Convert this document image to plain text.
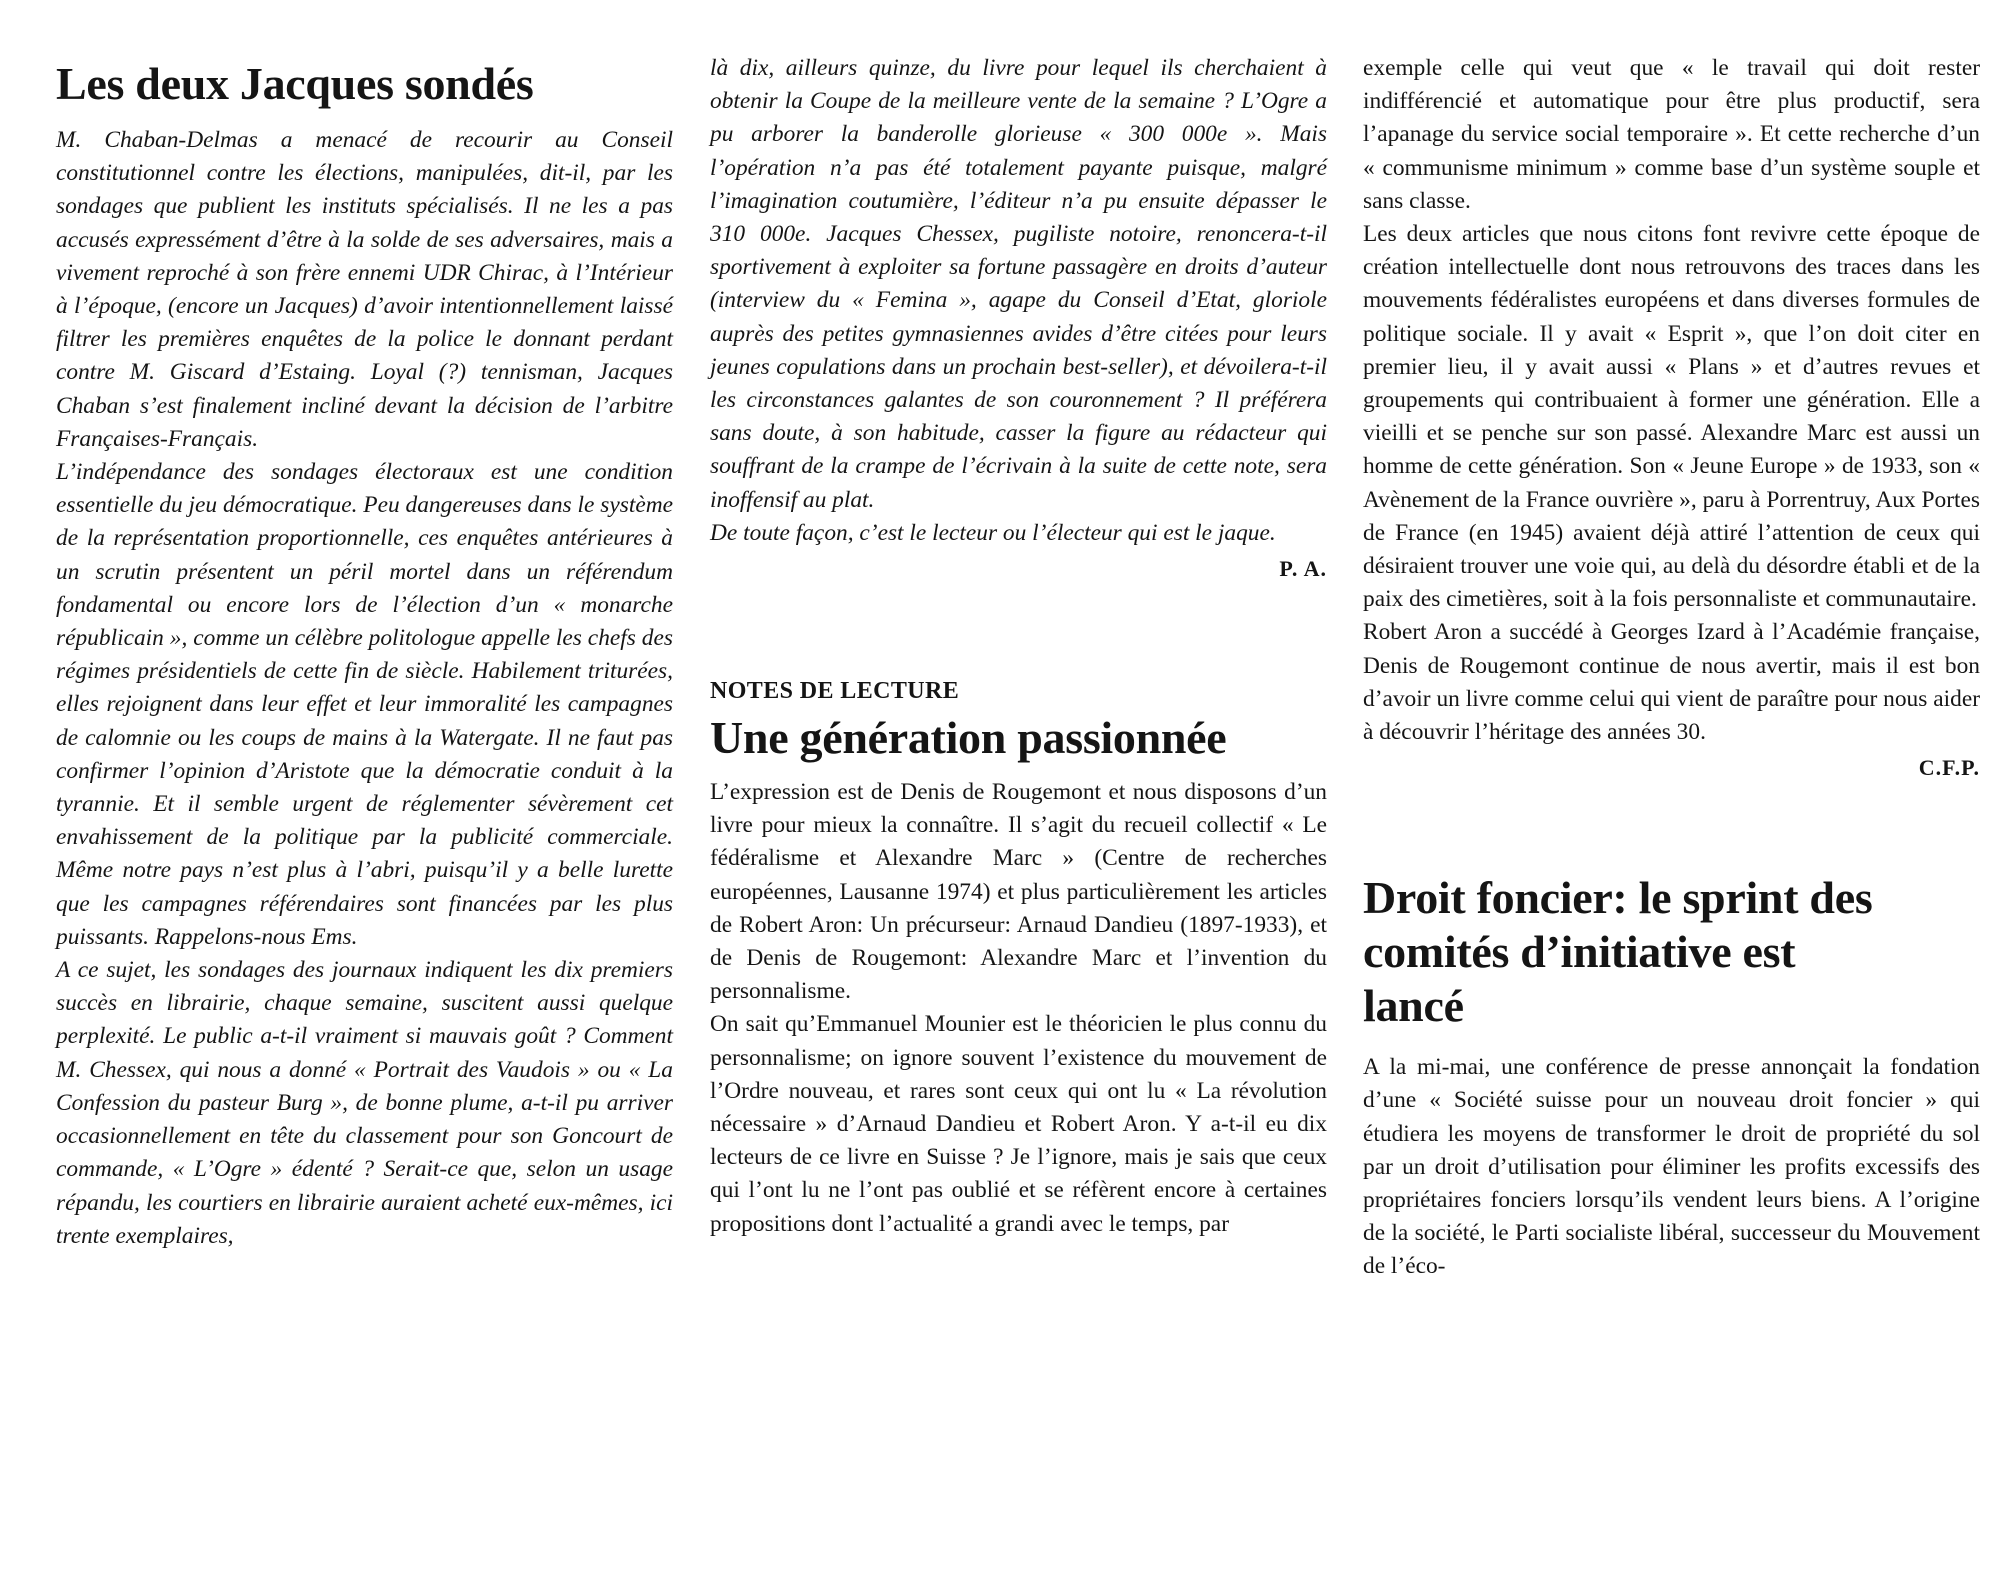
Les deux Jacques sondés

M. Chaban-Delmas a menacé de recourir au Conseil constitutionnel contre les élections, manipulées, dit-il, par les sondages que publient les instituts spécialisés. Il ne les a pas accusés expressément d’être à la solde de ses adversaires, mais a vivement reproché à son frère ennemi UDR Chirac, à l’Intérieur à l’époque, (encore un Jacques) d’avoir intentionnellement laissé filtrer les premières enquêtes de la police le donnant perdant contre M. Giscard d’Estaing. Loyal (?) tennisman, Jacques Chaban s’est finalement incliné devant la décision de l’arbitre Françaises-Français.

L’indépendance des sondages électoraux est une condition essentielle du jeu démocratique. Peu dangereuses dans le système de la représentation proportionnelle, ces enquêtes antérieures à un scrutin présentent un péril mortel dans un référendum fondamental ou encore lors de l’élection d’un « monarche républicain », comme un célèbre politologue appelle les chefs des régimes présidentiels de cette fin de siècle. Habilement triturées, elles rejoignent dans leur effet et leur immoralité les campagnes de calomnie ou les coups de mains à la Watergate. Il ne faut pas confirmer l’opinion d’Aristote que la démocratie conduit à la tyrannie. Et il semble urgent de réglementer sévèrement cet envahissement de la politique par la publicité commerciale. Même notre pays n’est plus à l’abri, puisqu’il y a belle lurette que les campagnes référendaires sont financées par les plus puissants. Rappelons-nous Ems.

A ce sujet, les sondages des journaux indiquent les dix premiers succès en librairie, chaque semaine, suscitent aussi quelque perplexité. Le public a-t-il vraiment si mauvais goût ? Comment M. Chessex, qui nous a donné « Portrait des Vaudois » ou « La Confession du pasteur Burg », de bonne plume, a-t-il pu arriver occasionnellement en tête du classement pour son Goncourt de commande, « L’Ogre » édenté ? Serait-ce que, selon un usage répandu, les courtiers en librairie auraient acheté eux-mêmes, ici trente exemplaires,

là dix, ailleurs quinze, du livre pour lequel ils cherchaient à obtenir la Coupe de la meilleure vente de la semaine ? L’Ogre a pu arborer la banderolle glorieuse « 300 000e ». Mais l’opération n’a pas été totalement payante puisque, malgré l’imagination coutumière, l’éditeur n’a pu ensuite dépasser le 310 000e. Jacques Chessex, pugiliste notoire, renoncera-t-il sportivement à exploiter sa fortune passagère en droits d’auteur (interview du « Femina », agape du Conseil d’Etat, gloriole auprès des petites gymnasiennes avides d’être citées pour leurs jeunes copulations dans un prochain best-seller), et dévoilera-t-il les circonstances galantes de son couronnement ? Il préférera sans doute, à son habitude, casser la figure au rédacteur qui souffrant de la crampe de l’écrivain à la suite de cette note, sera inoffensif au plat.

De toute façon, c’est le lecteur ou l’électeur qui est le jaque.

P. A.

NOTES DE LECTURE

Une génération passionnée

L’expression est de Denis de Rougemont et nous disposons d’un livre pour mieux la connaître. Il s’agit du recueil collectif « Le fédéralisme et Alexandre Marc » (Centre de recherches européennes, Lausanne 1974) et plus particulièrement les articles de Robert Aron: Un précurseur: Arnaud Dandieu (1897-1933), et de Denis de Rougemont: Alexandre Marc et l’invention du personnalisme.

On sait qu’Emmanuel Mounier est le théoricien le plus connu du personnalisme; on ignore souvent l’existence du mouvement de l’Ordre nouveau, et rares sont ceux qui ont lu « La révolution nécessaire » d’Arnaud Dandieu et Robert Aron. Y a-t-il eu dix lecteurs de ce livre en Suisse ? Je l’ignore, mais je sais que ceux qui l’ont lu ne l’ont pas oublié et se réfèrent encore à certaines propositions dont l’actualité a grandi avec le temps, par

exemple celle qui veut que « le travail qui doit rester indifférencié et automatique pour être plus productif, sera l’apanage du service social temporaire ». Et cette recherche d’un « communisme minimum » comme base d’un système souple et sans classe.

Les deux articles que nous citons font revivre cette époque de création intellectuelle dont nous retrouvons des traces dans les mouvements fédéralistes européens et dans diverses formules de politique sociale. Il y avait « Esprit », que l’on doit citer en premier lieu, il y avait aussi « Plans » et d’autres revues et groupements qui contribuaient à former une génération. Elle a vieilli et se penche sur son passé. Alexandre Marc est aussi un homme de cette génération. Son « Jeune Europe » de 1933, son « Avènement de la France ouvrière », paru à Porrentruy, Aux Portes de France (en 1945) avaient déjà attiré l’attention de ceux qui désiraient trouver une voie qui, au delà du désordre établi et de la paix des cimetières, soit à la fois personnaliste et communautaire.

Robert Aron a succédé à Georges Izard à l’Académie française, Denis de Rougemont continue de nous avertir, mais il est bon d’avoir un livre comme celui qui vient de paraître pour nous aider à découvrir l’héritage des années 30.

C.F.P.

Droit foncier: le sprint des comités d’initiative est lancé

A la mi-mai, une conférence de presse annonçait la fondation d’une « Société suisse pour un nouveau droit foncier » qui étudiera les moyens de transformer le droit de propriété du sol par un droit d’utilisation pour éliminer les profits excessifs des propriétaires fonciers lorsqu’ils vendent leurs biens. A l’origine de la société, le Parti socialiste libéral, successeur du Mouvement de l’éco-
